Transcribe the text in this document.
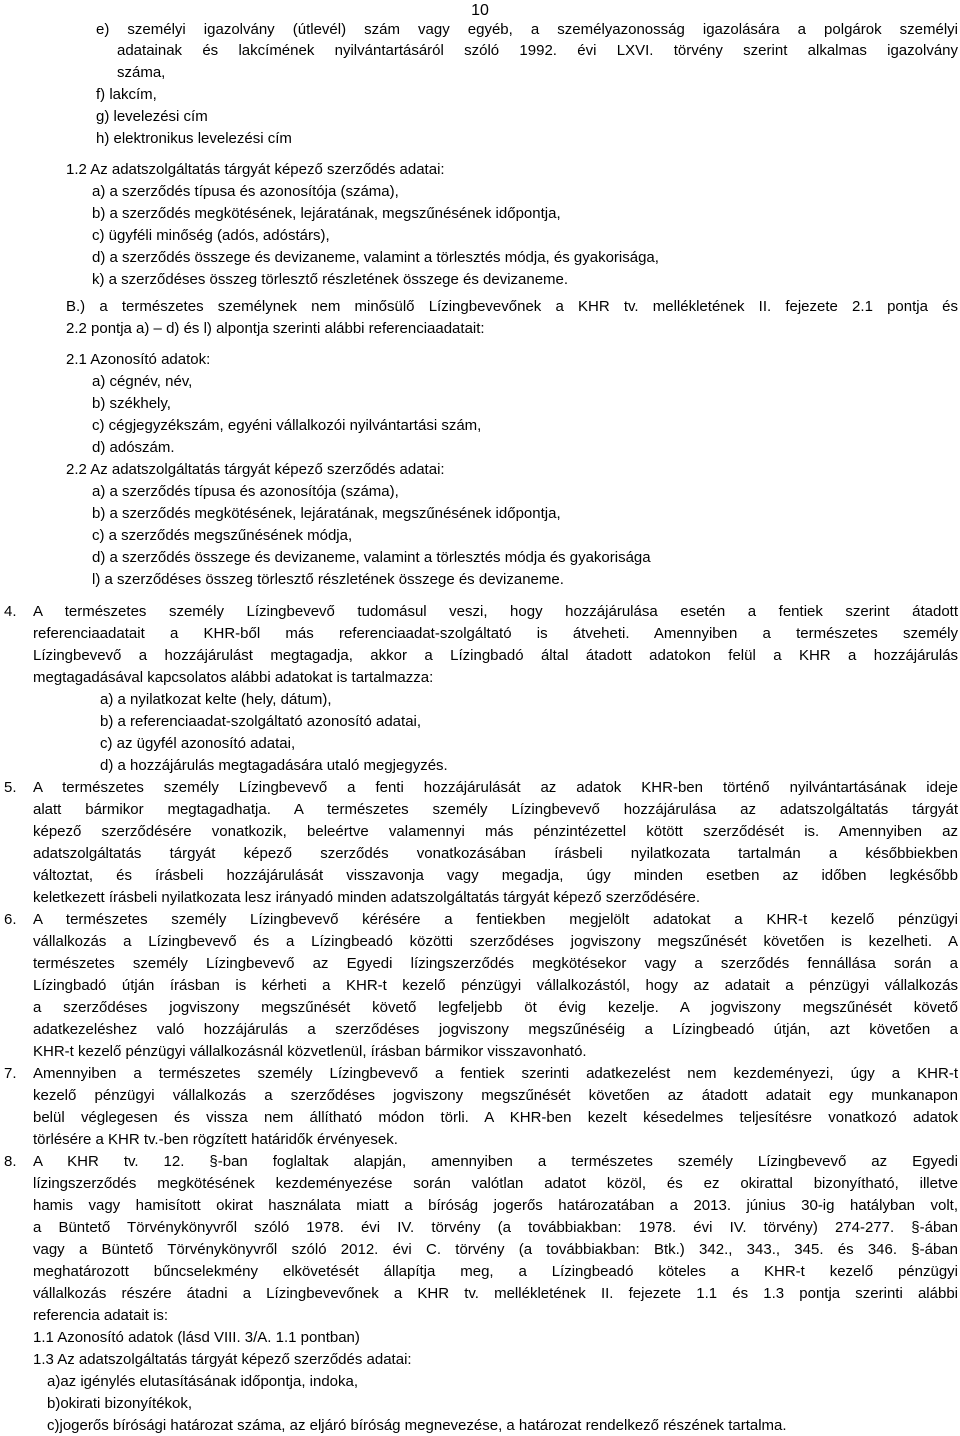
10
e) személyi igazolvány (útlevél) szám vagy egyéb, a személyazonosság igazolására a polgárok személyi
adatainak és lakcímének nyilvántartásáról szóló 1992. évi LXVI. törvény szerint alkalmas igazolvány
száma,
f) lakcím,
g) levelezési cím
h) elektronikus levelezési cím
1.2 Az adatszolgáltatás tárgyát képező szerződés adatai:
a) a szerződés típusa és azonosítója (száma),
b) a szerződés megkötésének, lejáratának, megszűnésének időpontja,
c) ügyféli minőség (adós, adóstárs),
d) a szerződés összege és devizaneme, valamint a törlesztés módja, és gyakorisága,
k) a szerződéses összeg törlesztő részletének összege és devizaneme.
B.) a természetes személynek nem minősülő Lízingbevevőnek a KHR tv. mellékletének II. fejezete 2.1 pontja és
2.2 pontja a) – d) és l) alpontja szerinti alábbi referenciaadatait:
2.1 Azonosító adatok:
a) cégnév, név,
b) székhely,
c) cégjegyzékszám, egyéni vállalkozói nyilvántartási szám,
d) adószám.
2.2 Az adatszolgáltatás tárgyát képező szerződés adatai:
a) a szerződés típusa és azonosítója (száma),
b) a szerződés megkötésének, lejáratának, megszűnésének időpontja,
c) a szerződés megszűnésének módja,
d) a szerződés összege és devizaneme, valamint a törlesztés módja és gyakorisága
l) a szerződéses összeg törlesztő részletének összege és devizaneme.
4. A természetes személy Lízingbevevő tudomásul veszi, hogy hozzájárulása esetén a fentiek szerint átadott
referenciaadatait a KHR-ből más referenciaadat-szolgáltató is átveheti. Amennyiben a természetes személy
Lízingbevevő a hozzájárulást megtagadja, akkor a Lízingbadó által átadott adatokon felül a KHR a hozzájárulás
megtagadásával kapcsolatos alábbi adatokat is tartalmazza:
a) a nyilatkozat kelte (hely, dátum),
b) a referenciaadat-szolgáltató azonosító adatai,
c) az ügyfél azonosító adatai,
d) a hozzájárulás megtagadására utaló megjegyzés.
5. A természetes személy Lízingbevevő a fenti hozzájárulását az adatok KHR-ben történő nyilvántartásának ideje
alatt bármikor megtagadhatja. A természetes személy Lízingbevevő hozzájárulása az adatszolgáltatás tárgyát
képező szerződésére vonatkozik, beleértve valamennyi más pénzintézettel kötött szerződését is. Amennyiben az
adatszolgáltatás tárgyát képező szerződés vonatkozásában írásbeli nyilatkozata tartalmán a későbbiekben
változtat, és írásbeli hozzájárulását visszavonja vagy megadja, úgy minden esetben az időben legkésőbb
keletkezett írásbeli nyilatkozata lesz irányadó minden adatszolgáltatás tárgyát képező szerződésére.
6. A természetes személy Lízingbevevő kérésére a fentiekben megjelölt adatokat a KHR-t kezelő pénzügyi
vállalkozás a Lízingbevevő és a Lízingbeadó közötti szerződéses jogviszony megszűnését követően is kezelheti. A
természetes személy Lízingbevevő az Egyedi lízingszerződés megkötésekor vagy a szerződés fennállása során a
Lízingbadó útján írásban is kérheti a KHR-t kezelő pénzügyi vállalkozástól, hogy az adatait a pénzügyi vállalkozás
a szerződéses jogviszony megszűnését követő legfeljebb öt évig kezelje. A jogviszony megszűnését követő
adatkezeléshez való hozzájárulás a szerződéses jogviszony megszűnéséig a Lízingbeadó útján, azt követően a
KHR-t kezelő pénzügyi vállalkozásnál közvetlenül, írásban bármikor visszavonható.
7. Amennyiben a természetes személy Lízingbevevő a fentiek szerinti adatkezelést nem kezdeményezi, úgy a KHR-t
kezelő pénzügyi vállalkozás a szerződéses jogviszony megszűnését követően az átadott adatait egy munkanapon
belül véglegesen és vissza nem állítható módon törli. A KHR-ben kezelt késedelmes teljesítésre vonatkozó adatok
törlésére a KHR tv.-ben rögzített határidők érvényesek.
8. A KHR tv. 12. §-ban foglaltak alapján, amennyiben a természetes személy Lízingbevevő az Egyedi
lízingszerződés megkötésének kezdeményezése során valótlan adatot közöl, és ez okirattal bizonyítható, illetve
hamis vagy hamisított okirat használata miatt a bíróság jogerős határozatában a 2013. június 30-ig hatályban volt,
a Büntető Törvénykönyvről szóló 1978. évi IV. törvény (a továbbiakban: 1978. évi IV. törvény) 274-277. §-ában
vagy a Büntető Törvénykönyvről szóló 2012. évi C. törvény (a továbbiakban: Btk.) 342., 343., 345. és 346. §-ában
meghatározott bűncselekmény elkövetését állapítja meg, a Lízingbeadó köteles a KHR-t kezelő pénzügyi
vállalkozás részére átadni a Lízingbevevőnek a KHR tv. mellékletének II. fejezete 1.1 és 1.3 pontja szerinti alábbi
referencia adatait is:
1.1 Azonosító adatok (lásd VIII. 3/A. 1.1 pontban)
1.3 Az adatszolgáltatás tárgyát képező szerződés adatai:
a)az igénylés elutasításának időpontja, indoka,
b)okirati bizonyítékok,
c)jogerős bírósági határozat száma, az eljáró bíróság megnevezése, a határozat rendelkező részének tartalma.
